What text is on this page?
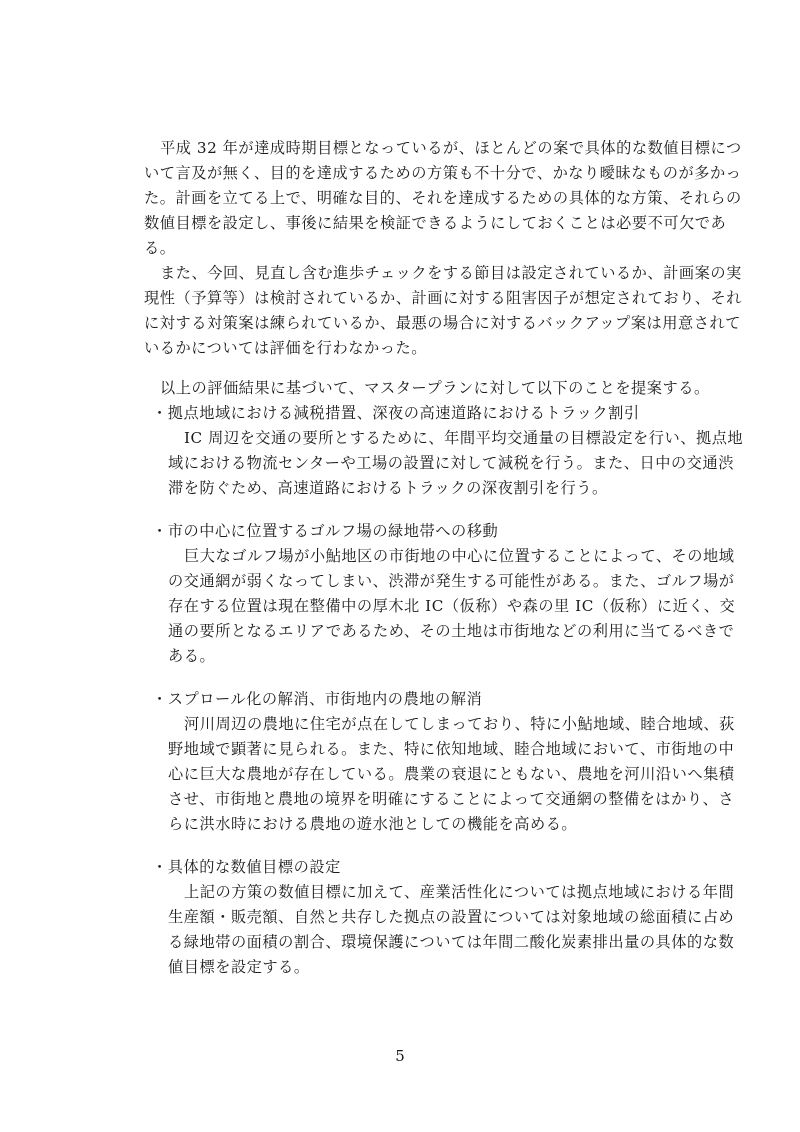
平成 32 年が達成時期目標となっているが、ほとんどの案で具体的な数値目標につ
いて言及が無く、目的を達成するための方策も不十分で、かなり曖昧なものが多かっ
た。計画を立てる上で、明確な目的、それを達成するための具体的な方策、それらの
数値目標を設定し、事後に結果を検証できるようにしておくことは必要不可欠であ
る。
また、今回、見直し含む進歩チェックをする節目は設定されているか、計画案の実
現性（予算等）は検討されているか、計画に対する阻害因子が想定されており、それ
に対する対策案は練られているか、最悪の場合に対するバックアップ案は用意されて
いるかについては評価を行わなかった。
以上の評価結果に基づいて、マスタープランに対して以下のことを提案する。
・拠点地域における減税措置、深夜の高速道路におけるトラック割引
IC 周辺を交通の要所とするために、年間平均交通量の目標設定を行い、拠点地
域における物流センターや工場の設置に対して減税を行う。また、日中の交通渋
滞を防ぐため、高速道路におけるトラックの深夜割引を行う。
・市の中心に位置するゴルフ場の緑地帯への移動
巨大なゴルフ場が小鮎地区の市街地の中心に位置することによって、その地域
の交通網が弱くなってしまい、渋滞が発生する可能性がある。また、ゴルフ場が
存在する位置は現在整備中の厚木北 IC（仮称）や森の里 IC（仮称）に近く、交
通の要所となるエリアであるため、その土地は市街地などの利用に当てるべきで
ある。
・スプロール化の解消、市街地内の農地の解消
河川周辺の農地に住宅が点在してしまっており、特に小鮎地域、睦合地域、荻
野地域で顕著に見られる。また、特に依知地域、睦合地域において、市街地の中
心に巨大な農地が存在している。農業の衰退にともない、農地を河川沿いへ集積
させ、市街地と農地の境界を明確にすることによって交通網の整備をはかり、さ
らに洪水時における農地の遊水池としての機能を高める。
・具体的な数値目標の設定
上記の方策の数値目標に加えて、産業活性化については拠点地域における年間
生産額・販売額、自然と共存した拠点の設置については対象地域の総面積に占め
る緑地帯の面積の割合、環境保護については年間二酸化炭素排出量の具体的な数
値目標を設定する。
5
